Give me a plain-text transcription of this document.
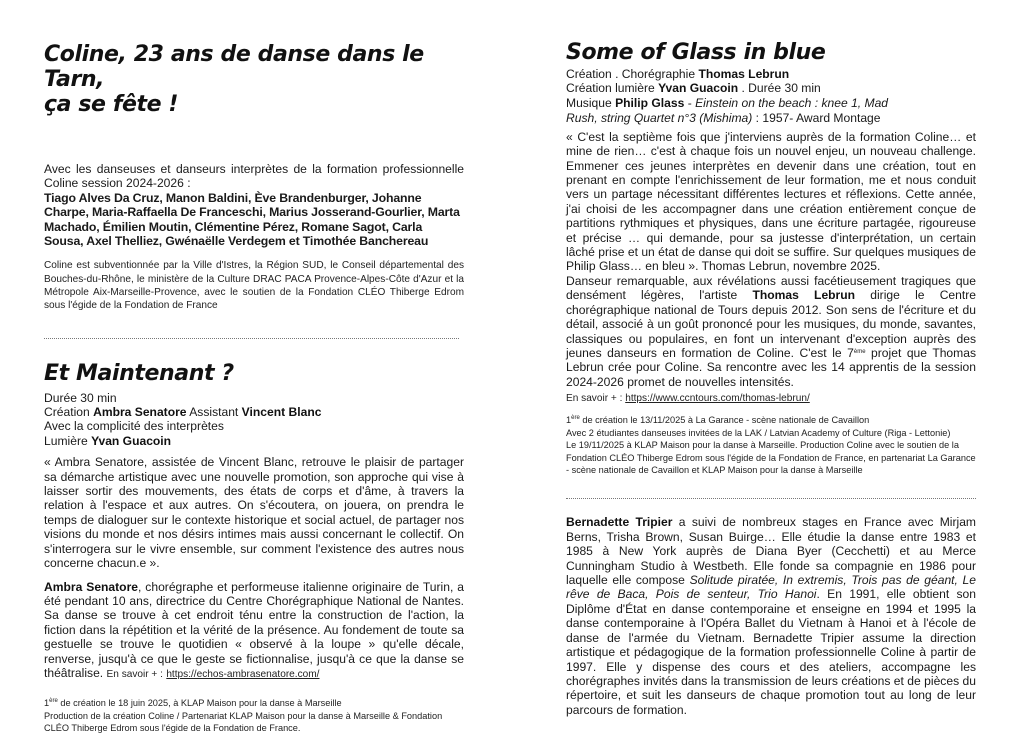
Coline, 23 ans de danse dans le Tarn,
ça se fête !

Avec les danseuses et danseurs interprètes de la formation professionnelle Coline session 2024-2026 :

Tiago Alves Da Cruz, Manon Baldini, Ève Brandenburger, Johanne Charpe, Maria-Raffaella De Franceschi, Marius Josserand-Gourlier, Marta Machado, Émilien Moutin, Clémentine Pérez, Romane Sagot, Carla Sousa, Axel Thelliez, Gwénaëlle Verdegem et Timothée Banchereau

Coline est subventionnée par la Ville d'Istres, la Région SUD, le Conseil départemental des Bouches-du-Rhône, le ministère de la Culture DRAC PACA Provence-Alpes-Côte d'Azur et la Métropole Aix-Marseille-Provence, avec le soutien de la Fondation CLÉO Thiberge Edrom sous l'égide de la Fondation de France

Et Maintenant ?
Durée 30 min
Création Ambra Senatore Assistant Vincent Blanc
Avec la complicité des interprètes
Lumière Yvan Guacoin

« Ambra Senatore, assistée de Vincent Blanc, retrouve le plaisir de partager sa démarche artistique avec une nouvelle promotion, son approche qui vise à laisser sortir des mouvements, des états de corps et d'âme, à travers la relation à l'espace et aux autres. On s'écoutera, on jouera, on prendra le temps de dialoguer sur le contexte historique et social actuel, de partager nos visions du monde et nos désirs intimes mais aussi concernant le collectif. On s'interrogera sur le vivre ensemble, sur comment l'existence des autres nous concerne chacun.e ».

Ambra Senatore, chorégraphe et performeuse italienne originaire de Turin, a été pendant 10 ans, directrice du Centre Chorégraphique National de Nantes. Sa danse se trouve à cet endroit ténu entre la construction de l'action, la fiction dans la répétition et la vérité de la présence. Au fondement de toute sa gestuelle se trouve le quotidien « observé à la loupe » qu'elle décale, renverse, jusqu'à ce que le geste se fictionnalise, jusqu'à ce que la danse se théâtralise. En savoir + : https://echos-ambrasenatore.com/

1ère de création le 18 juin 2025, à KLAP Maison pour la danse à Marseille
Production de la création Coline / Partenariat KLAP Maison pour la danse à Marseille & Fondation CLÉO Thiberge Edrom sous l'égide de la Fondation de France.
Some of Glass in blue
Création . Chorégraphie Thomas Lebrun
Création lumière Yvan Guacoin . Durée 30 min
Musique Philip Glass - Einstein on the beach : knee 1, Mad Rush, string Quartet n°3 (Mishima) : 1957- Award Montage

« C'est la septième fois que j'interviens auprès de la formation Coline… et mine de rien… c'est à chaque fois un nouvel enjeu, un nouveau challenge. Emmener ces jeunes interprètes en devenir dans une création, tout en prenant en compte l'enrichissement de leur formation, me et nous conduit vers un partage nécessitant différentes lectures et réflexions. Cette année, j'ai choisi de les accompagner dans une création entièrement conçue de partitions rythmiques et physiques, dans une écriture partagée, rigoureuse et précise … qui demande, pour sa justesse d'interprétation, un certain lâché prise et un état de danse qui doit se suffire. Sur quelques musiques de Philip Glass… en bleu ». Thomas Lebrun, novembre 2025.

Danseur remarquable, aux révélations aussi facétieusement tragiques que densément légères, l'artiste Thomas Lebrun dirige le Centre chorégraphique national de Tours depuis 2012. Son sens de l'écriture et du détail, associé à un goût prononcé pour les musiques, du monde, savantes, classiques ou populaires, en font un intervenant d'exception auprès des jeunes danseurs en formation de Coline. C'est le 7ème projet que Thomas Lebrun crée pour Coline. Sa rencontre avec les 14 apprentis de la session 2024-2026 promet de nouvelles intensités.

En savoir + : https://www.ccntours.com/thomas-lebrun/

1ère de création le 13/11/2025 à La Garance - scène nationale de Cavaillon
Avec 2 étudiantes danseuses invitées de la LAK / Latvian Academy of Culture (Riga - Lettonie)
Le 19/11/2025 à KLAP Maison pour la danse à Marseille. Production Coline avec le soutien de la Fondation CLÉO Thiberge Edrom sous l'égide de la Fondation de France, en partenariat La Garance - scène nationale de Cavaillon et KLAP Maison pour la danse à Marseille

Bernadette Tripier a suivi de nombreux stages en France avec Mirjam Berns, Trisha Brown, Susan Buirge… Elle étudie la danse entre 1983 et 1985 à New York auprès de Diana Byer (Cecchetti) et au Merce Cunningham Studio à Westbeth. Elle fonde sa compagnie en 1986 pour laquelle elle compose Solitude piratée, In extremis, Trois pas de géant, Le rêve de Baca, Pois de senteur, Trio Hanoi. En 1991, elle obtient son Diplôme d'État en danse contemporaine et enseigne en 1994 et 1995 la danse contemporaine à l'Opéra Ballet du Vietnam à Hanoi et à l'école de danse de l'armée du Vietnam. Bernadette Tripier assume la direction artistique et pédagogique de la formation professionnelle Coline à partir de 1997. Elle y dispense des cours et des ateliers, accompagne les chorégraphes invités dans la transmission de leurs créations et de pièces du répertoire, et suit les danseurs de chaque promotion tout au long de leur parcours de formation.
